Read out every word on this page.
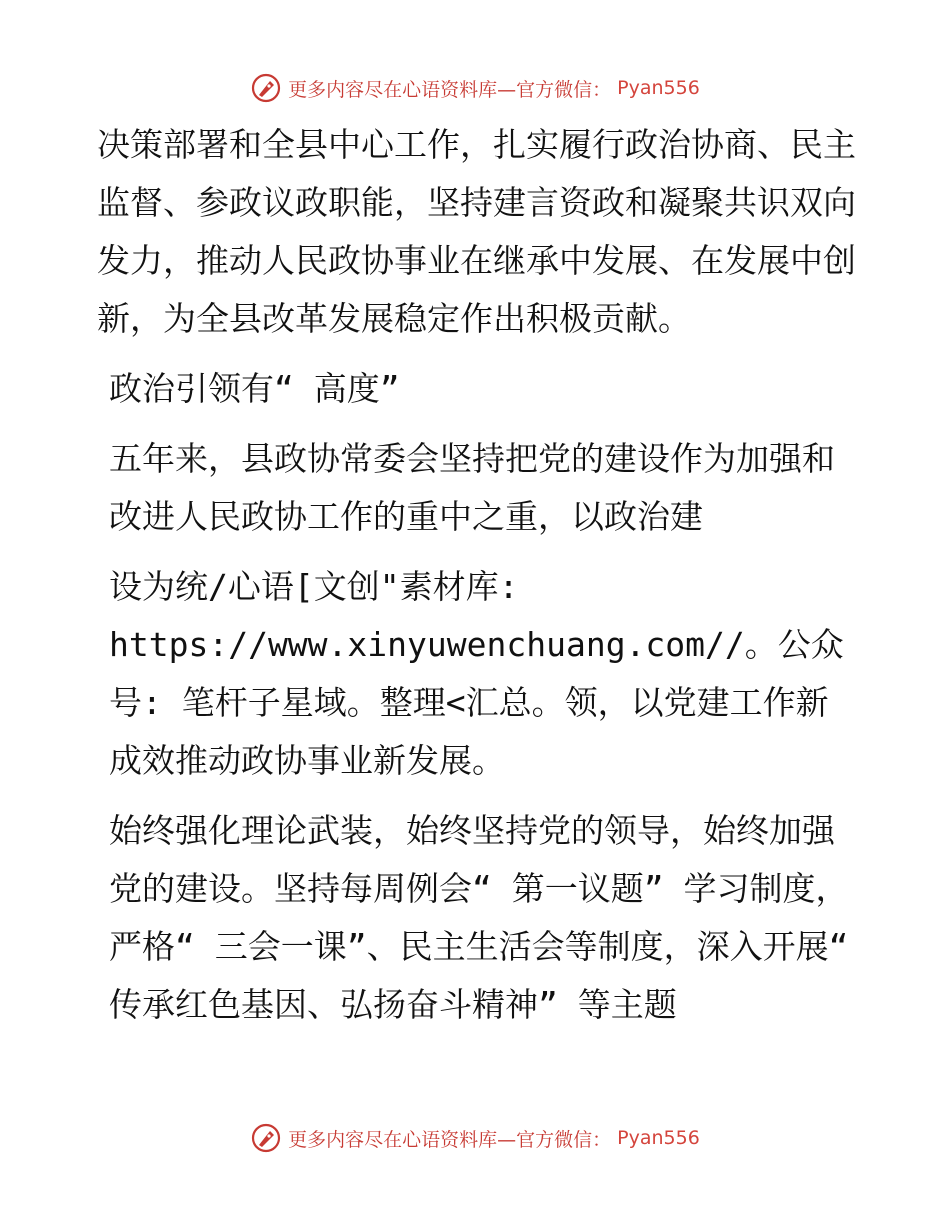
更多内容尽在心语资料库—官方微信： Pyan556

决策部署和全县中心工作，扎实履行政治协商、民主监督、参政议政职能，坚持建言资政和凝聚共识双向发力，推动人民政协事业在继承中发展、在发展中创新，为全县改革发展稳定作出积极贡献。

政治引领有“ 高度”

五年来，县政协常委会坚持把党的建设作为加强和改进人民政协工作的重中之重，以政治建

设为统/心语[文创"素材库: https://www.xinyuwenchuang.com//。公众号: 笔杆子星域。整理<汇总。领，以党建工作新成效推动政协事业新发展。

始终强化理论武装，始终坚持党的领导，始终加强党的建设。坚持每周例会“ 第一议题” 学习制度，严格“ 三会一课”、民主生活会等制度，深入开展“ 传承红色基因、弘扬奋斗精神” 等主题

更多内容尽在心语资料库—官方微信： Pyan556
